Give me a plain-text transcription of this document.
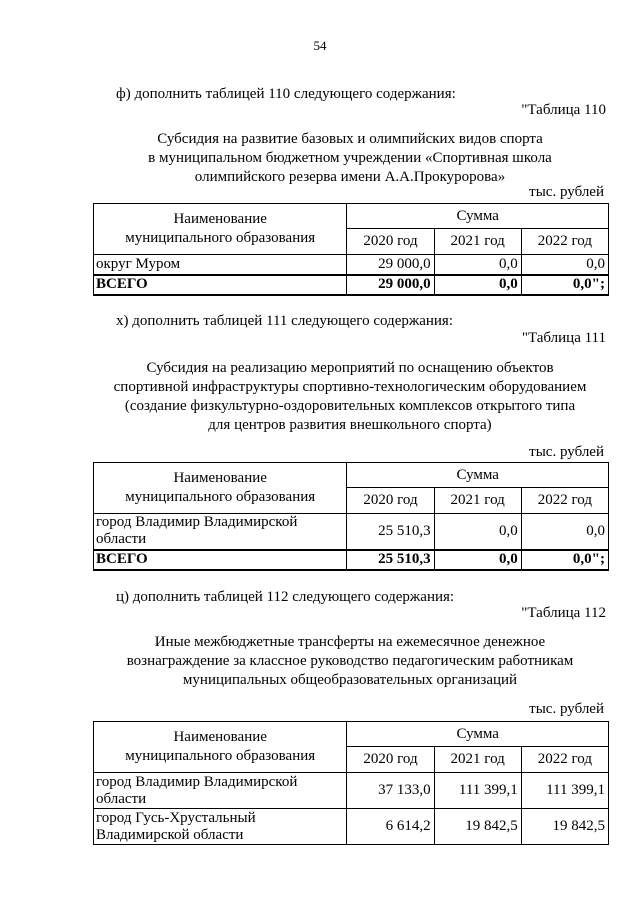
54
ф) дополнить таблицей 110 следующего содержания:
"Таблица 110
Субсидия на развитие базовых и олимпийских видов спорта
в муниципальном бюджетном учреждении «Спортивная школа
олимпийского резерва имени А.А.Прокуророва»
тыс. рублей
Наименование
муниципального образования	Сумма		
	2020 год	2021 год	2022 год
округ Муром	29 000,0	0,0	0,0
ВСЕГО	29 000,0	0,0	0,0";
х) дополнить таблицей 111 следующего содержания:
"Таблица 111
Субсидия на реализацию мероприятий по оснащению объектов
спортивной инфраструктуры спортивно-технологическим оборудованием
(создание физкультурно-оздоровительных комплексов открытого типа
для центров развития внешкольного спорта)
тыс. рублей
Наименование
муниципального образования	Сумма		
	2020 год	2021 год	2022 год

город Владимир Владимирской
области	25 510,3	0,0	0,0
ВСЕГО	25 510,3	0,0	0,0";
ц) дополнить таблицей 112 следующего содержания:
"Таблица 112
Иные межбюджетные трансферты на ежемесячное денежное
вознаграждение за классное руководство педагогическим работникам
муниципальных общеобразовательных организаций
тыс. рублей
Наименование
муниципального образования	Сумма		
	2020 год	2021 год	2022 год

город Владимир Владимирской
области	37 133,0	111 399,1	111 399,1

город Гусь-Хрустальный
Владимирской области	6 614,2	19 842,5	19 842,5
